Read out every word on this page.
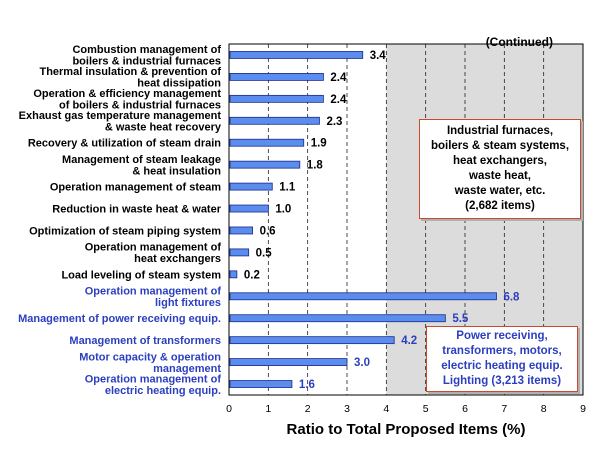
3.4
Combustion management of
boilers & industrial furnaces
2.4
Thermal insulation & prevention of
heat dissipation
2.4
Operation & efficiency management
of boilers & industrial furnaces
2.3
Exhaust gas temperature management
& waste heat recovery
1.9
Recovery & utilization of steam drain
1.8
Management of steam leakage
& heat insulation
1.1
Operation management of steam
1.0
Reduction in waste heat & water
0.6
Optimization of steam piping system
0.5
Operation management of
heat exchangers
0.2
Load leveling of steam system
6.8
Operation management of
light fixtures
5.5
Management of power receiving equip.
4.2
Management of transformers
3.0
Motor capacity & operation
management
1.6
Operation management of
electric heating equip.
0	1	2	3	4	5	6	7	8	9
Ratio to Total Proposed Items (%)
(Continued)
Industrial furnaces,
boilers & steam systems,
heat exchangers,
waste heat,
waste water, etc.
(2,682 items)
Power receiving,
transformers, motors,
electric heating equip.
Lighting (3,213 items)
